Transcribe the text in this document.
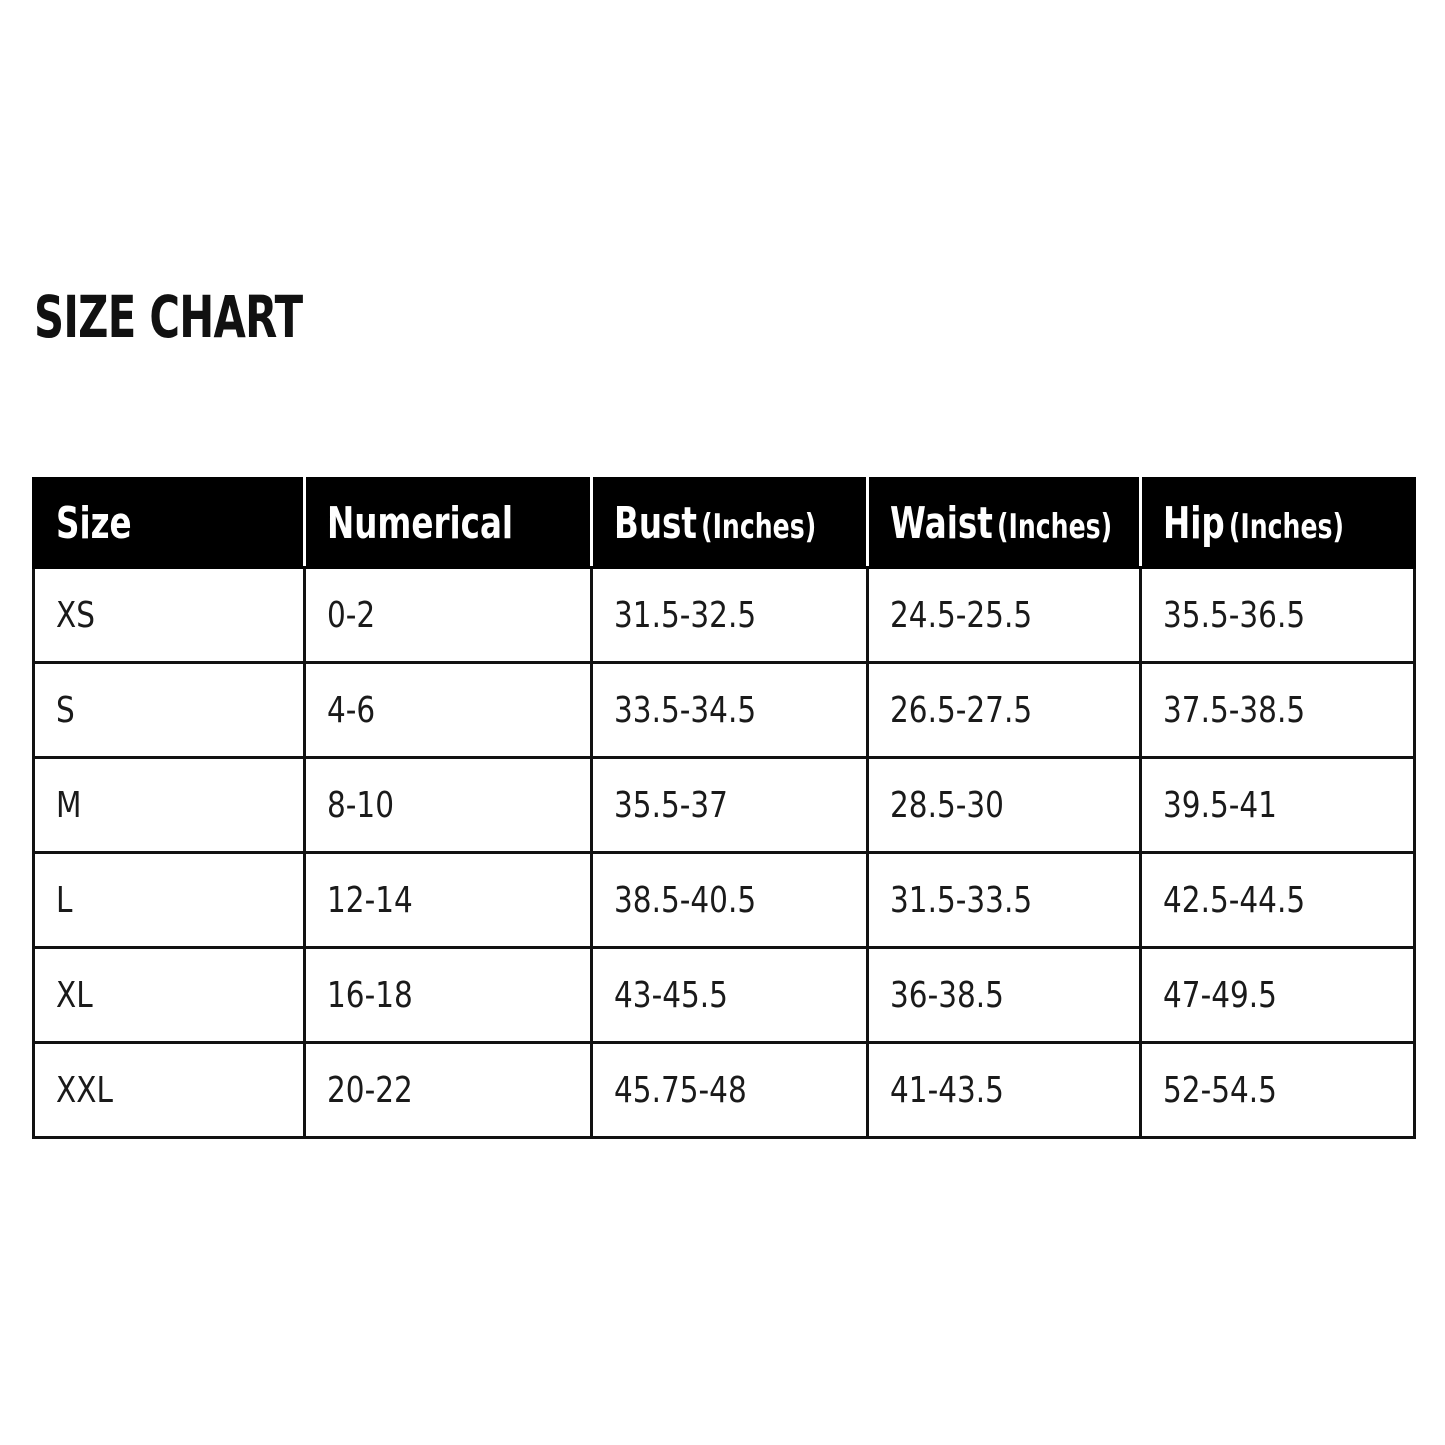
SIZE CHART
Size	Numerical	Bust (Inches)	Waist (Inches)	Hip (Inches)
XS	0-2	31.5-32.5	24.5-25.5	35.5-36.5
S	4-6	33.5-34.5	26.5-27.5	37.5-38.5
M	8-10	35.5-37	28.5-30	39.5-41
L	12-14	38.5-40.5	31.5-33.5	42.5-44.5
XL	16-18	43-45.5	36-38.5	47-49.5
XXL	20-22	45.75-48	41-43.5	52-54.5
